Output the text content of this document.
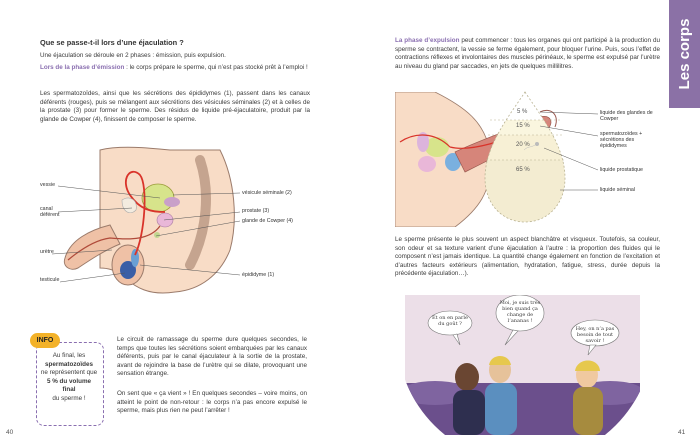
Que se passe-t-il lors d’une éjaculation ?

Une éjaculation se déroule en 2 phases : émission, puis expulsion.

Lors de la phase d’émission : le corps prépare le sperme, qui n’est pas stocké prêt à l’emploi !

Les spermatozoïdes, ainsi que les sécrétions des épididymes (1), passent dans les canaux déférents (rouges), puis se mélangent aux sécrétions des vésicules séminales (2) et à celles de la prostate (3) pour former le sperme. Des résidus de liquide pré-éjaculatoire, produit par la glande de Cowper (4), finissent de composer le sperme.

vessie
canal déférent
urètre
testicule
vésicule séminale (2)
prostate (3)
glande de Cowper (4)
épididyme (1)
INFO
Au final, les
spermatozoïdes
ne représentent que
5 % du volume final
du sperme !

Le circuit de ramassage du sperme dure quelques secondes, le temps que toutes les sécrétions soient embarquées par les canaux déférents, puis par le canal éjaculateur à la sortie de la prostate, avant de rejoindre la base de l’urètre qui se dilate, provoquant une sensation étrange.

On sent que « ça vient » ! En quelques secondes – voire moins, on atteint le point de non-retour : le corps n’a pas encore expulsé le sperme, mais plus rien ne peut l’arrêter !

40

La phase d’expulsion peut commencer : tous les organes qui ont participé à la production du sperme se contractent, la vessie se ferme également, pour bloquer l’urine. Puis, sous l’effet de contractions réflexes et involontaires des muscles périnéaux, le sperme est expulsé par l’urètre au niveau du gland par saccades, en jets de quelques millilitres.

5 %
15 %
20 %
65 %
liquide des glandes de Cowper
spermatozoïdes + sécrétions des épididymes
liquide prostatique
liquide séminal

Le sperme présente le plus souvent un aspect blanchâtre et visqueux. Toutefois, sa couleur, son odeur et sa texture varient d’une éjaculation à l’autre : la proportion des fluides qui le composent n’est jamais identique. La quantité change également en fonction de l’excitation et d’autres facteurs extérieurs (alimentation, hydratation, fatigue, stress, durée depuis la précédente éjaculation…).

Et on en parle du goût ?
Moi, je suis très bien quand ça change de l’ananas !
Hey, on n’a pas besoin de tout savoir !
41
Les corps
